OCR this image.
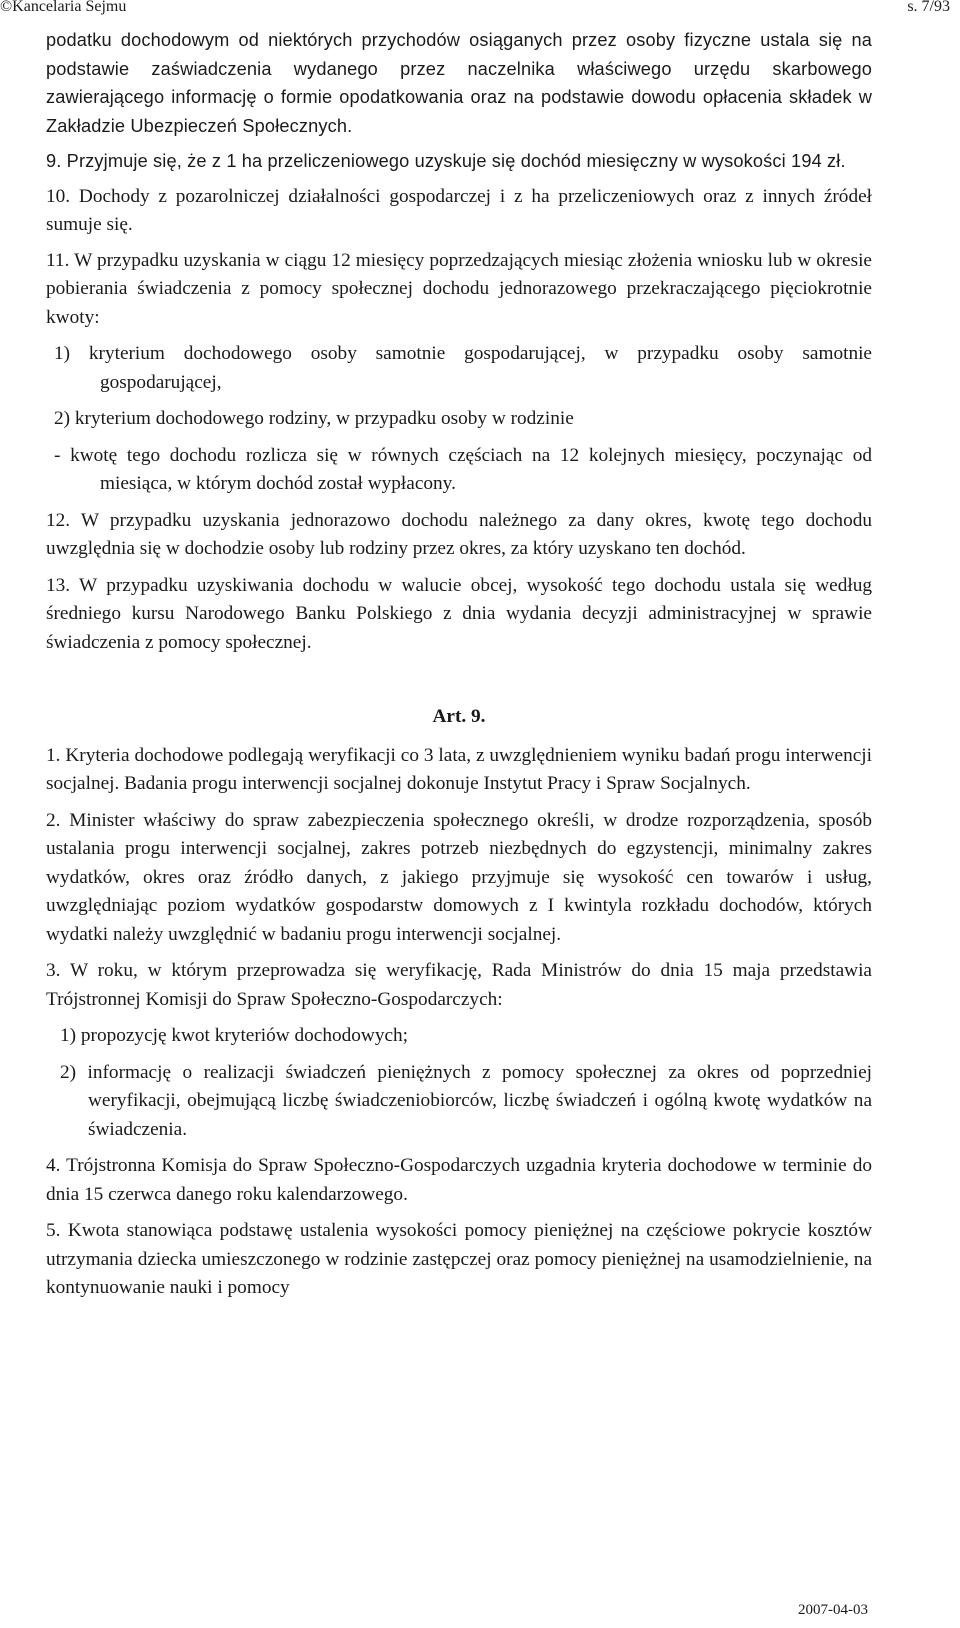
©Kancelaria Sejmu	s. 7/93

podatku dochodowym od niektórych przychodów osiąganych przez osoby fizyczne ustala się na podstawie zaświadczenia wydanego przez naczelnika właściwego urzędu skarbowego zawierającego informację o formie opodatkowania oraz na podstawie dowodu opłacenia składek w Zakładzie Ubezpieczeń Społecznych.

9. Przyjmuje się, że z 1 ha przeliczeniowego uzyskuje się dochód miesięczny w wysokości 194 zł.

10. Dochody z pozarolniczej działalności gospodarczej i z ha przeliczeniowych oraz z innych źródeł sumuje się.

11. W przypadku uzyskania w ciągu 12 miesięcy poprzedzających miesiąc złożenia wniosku lub w okresie pobierania świadczenia z pomocy społecznej dochodu jednorazowego przekraczającego pięciokrotnie kwoty:

1) kryterium dochodowego osoby samotnie gospodarującej, w przypadku osoby samotnie gospodarującej,

2) kryterium dochodowego rodziny, w przypadku osoby w rodzinie

- kwotę tego dochodu rozlicza się w równych częściach na 12 kolejnych miesięcy, poczynając od miesiąca, w którym dochód został wypłacony.

12. W przypadku uzyskania jednorazowo dochodu należnego za dany okres, kwotę tego dochodu uwzględnia się w dochodzie osoby lub rodziny przez okres, za który uzyskano ten dochód.

13. W przypadku uzyskiwania dochodu w walucie obcej, wysokość tego dochodu ustala się według średniego kursu Narodowego Banku Polskiego z dnia wydania decyzji administracyjnej w sprawie świadczenia z pomocy społecznej.

Art. 9.

1. Kryteria dochodowe podlegają weryfikacji co 3 lata, z uwzględnieniem wyniku badań progu interwencji socjalnej. Badania progu interwencji socjalnej dokonuje Instytut Pracy i Spraw Socjalnych.

2. Minister właściwy do spraw zabezpieczenia społecznego określi, w drodze rozporządzenia, sposób ustalania progu interwencji socjalnej, zakres potrzeb niezbędnych do egzystencji, minimalny zakres wydatków, okres oraz źródło danych, z jakiego przyjmuje się wysokość cen towarów i usług, uwzględniając poziom wydatków gospodarstw domowych z I kwintyla rozkładu dochodów, których wydatki należy uwzględnić w badaniu progu interwencji socjalnej.

3. W roku, w którym przeprowadza się weryfikację, Rada Ministrów do dnia 15 maja przedstawia Trójstronnej Komisji do Spraw Społeczno-Gospodarczych:

1) propozycję kwot kryteriów dochodowych;

2) informację o realizacji świadczeń pieniężnych z pomocy społecznej za okres od poprzedniej weryfikacji, obejmującą liczbę świadczeniobiorców, liczbę świadczeń i ogólną kwotę wydatków na świadczenia.

4. Trójstronna Komisja do Spraw Społeczno-Gospodarczych uzgadnia kryteria dochodowe w terminie do dnia 15 czerwca danego roku kalendarzowego.

5. Kwota stanowiąca podstawę ustalenia wysokości pomocy pieniężnej na częściowe pokrycie kosztów utrzymania dziecka umieszczonego w rodzinie zastępczej oraz pomocy pieniężnej na usamodzielnienie, na kontynuowanie nauki i pomocy

2007-04-03
